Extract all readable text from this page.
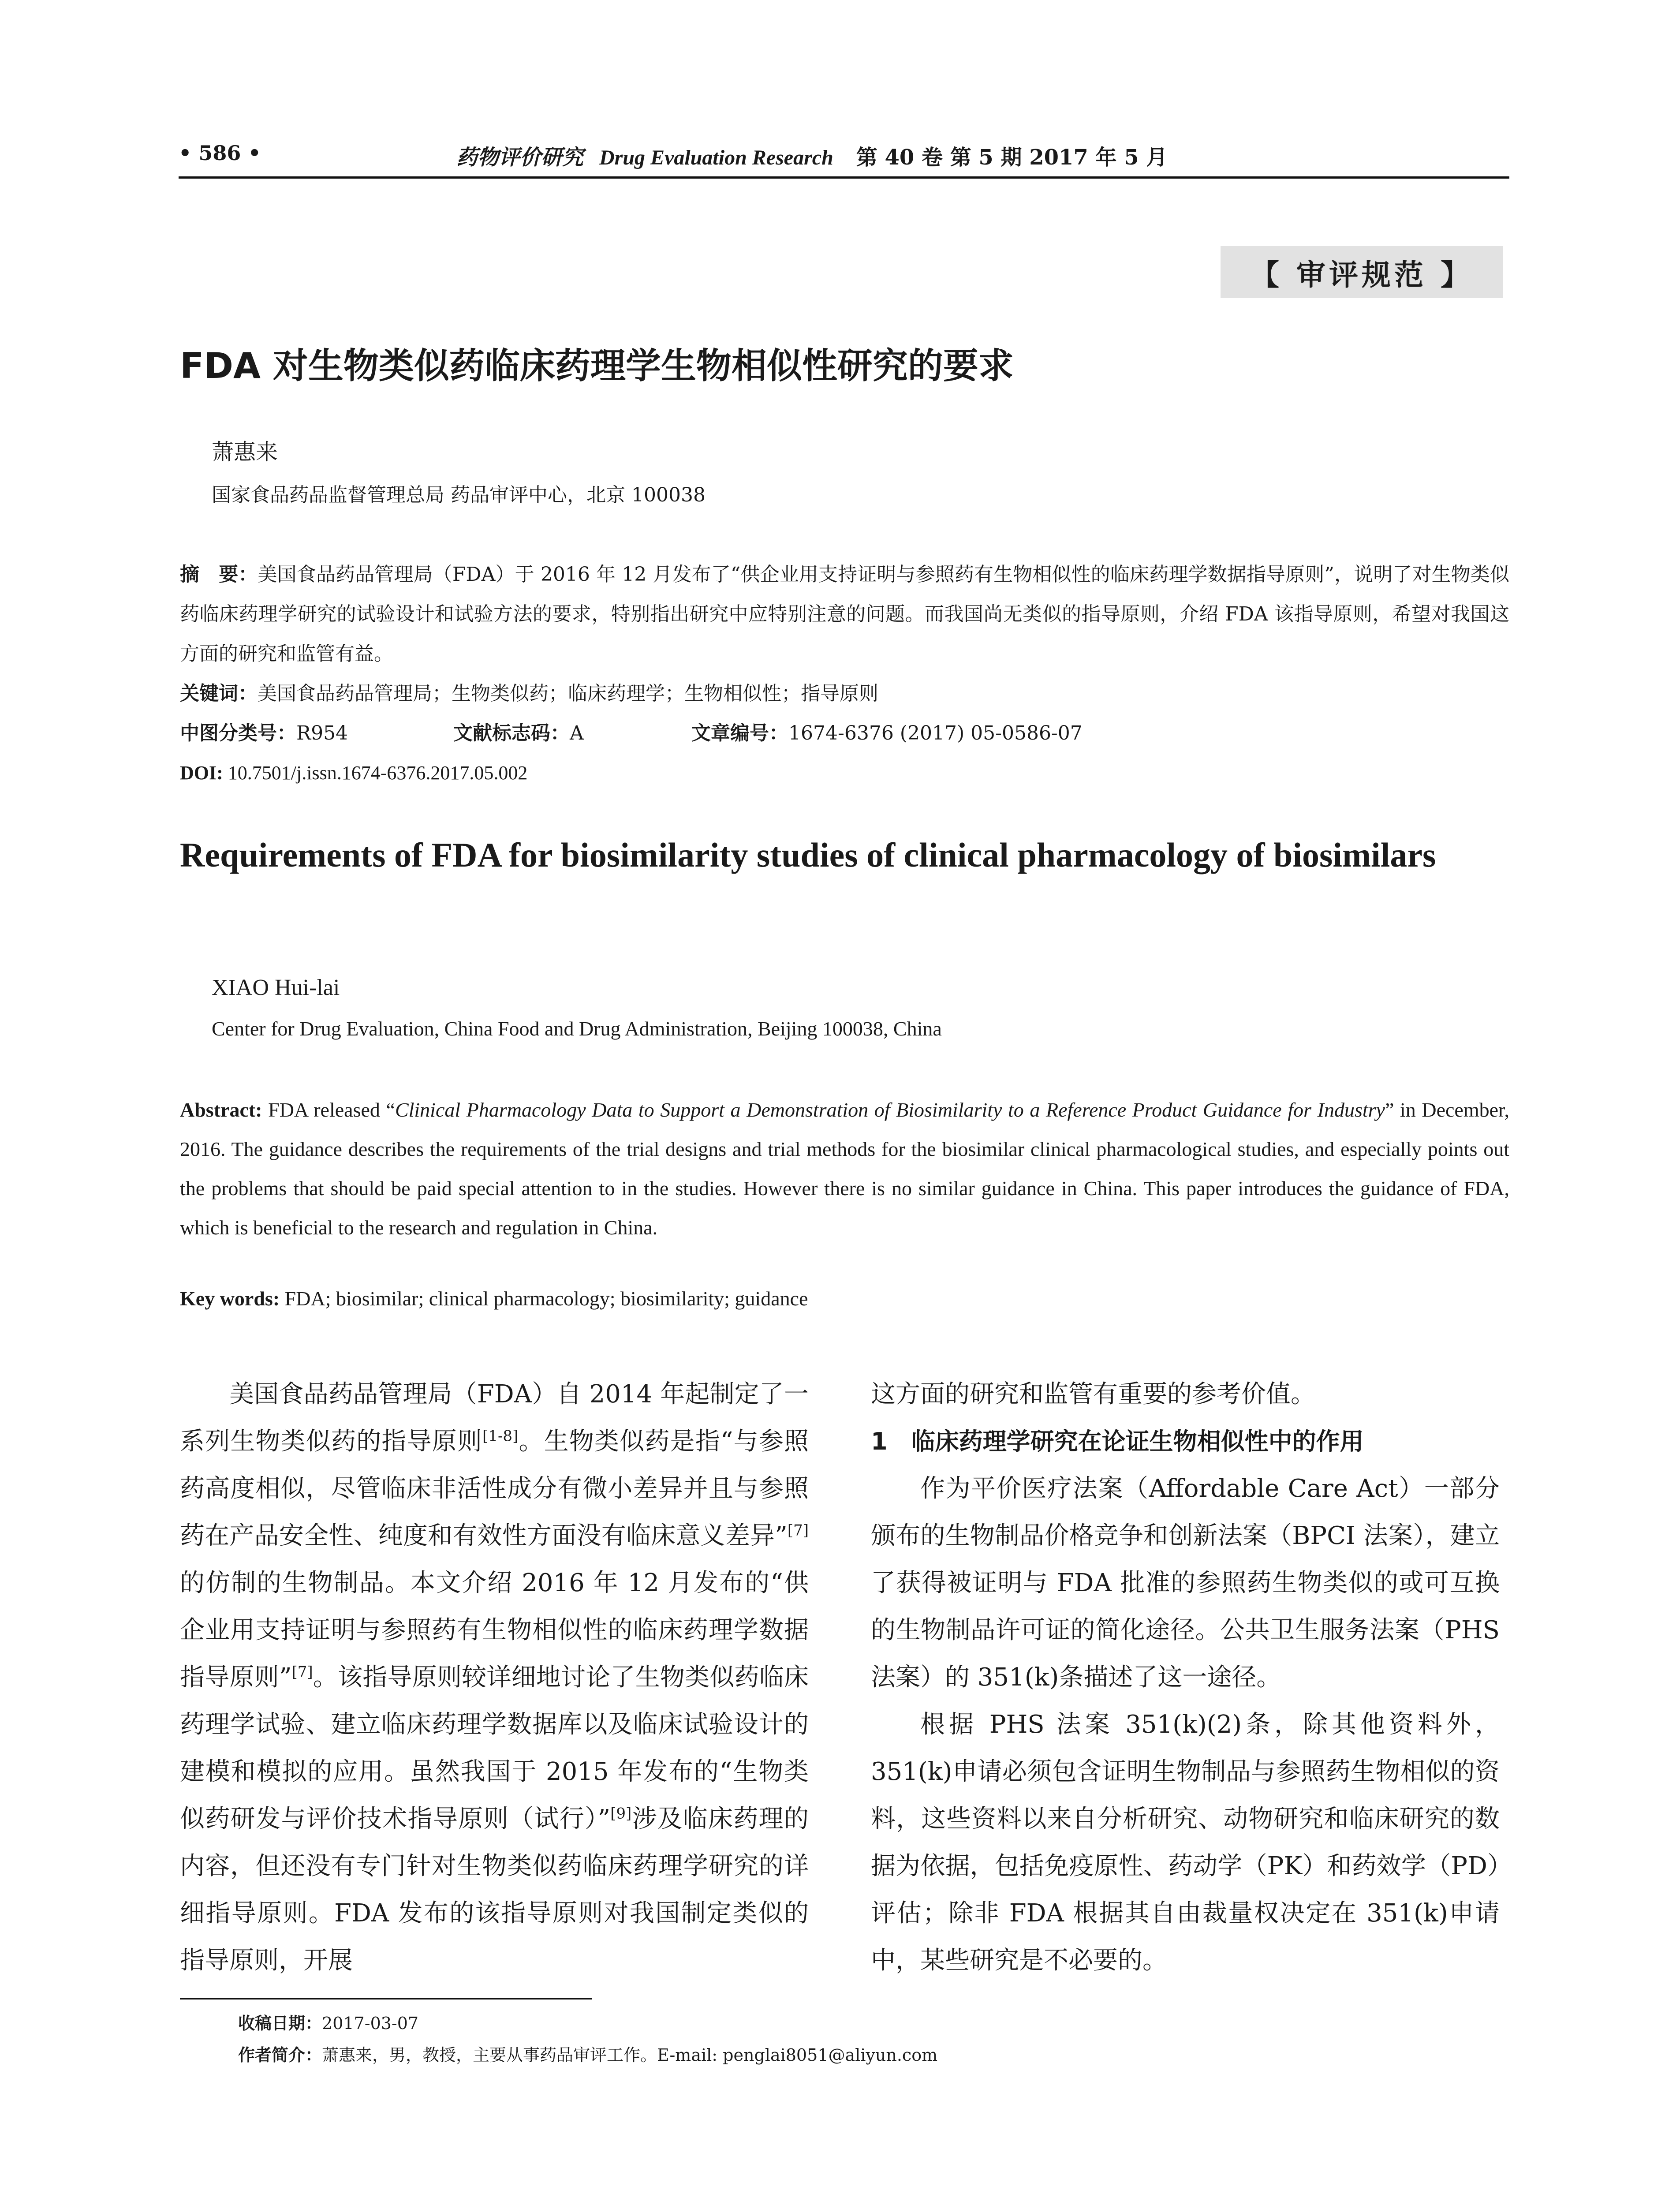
• 586 •	药物评价研究 Drug Evaluation Research 第 40 卷 第 5 期 2017 年 5 月
【 审评规范 】
FDA 对生物类似药临床药理学生物相似性研究的要求
萧惠来
国家食品药品监督管理总局 药品审评中心，北京 100038
摘　要：美国食品药品管理局（FDA）于 2016 年 12 月发布了“供企业用支持证明与参照药有生物相似性的临床药理学数据指导原则”，说明了对生物类似药临床药理学研究的试验设计和试验方法的要求，特别指出研究中应特别注意的问题。而我国尚无类似的指导原则，介绍 FDA 该指导原则，希望对我国这方面的研究和监管有益。
关键词：美国食品药品管理局；生物类似药；临床药理学；生物相似性；指导原则
中图分类号：R954	文献标志码：A	文章编号：1674-6376 (2017) 05-0586-07
DOI: 10.7501/j.issn.1674-6376.2017.05.002
Requirements of FDA for biosimilarity studies of clinical pharmacology of biosimilars
XIAO Hui-lai
Center for Drug Evaluation, China Food and Drug Administration, Beijing 100038, China
Abstract: FDA released “Clinical Pharmacology Data to Support a Demonstration of Biosimilarity to a Reference Product Guidance for Industry” in December, 2016. The guidance describes the requirements of the trial designs and trial methods for the biosimilar clinical pharmacological studies, and especially points out the problems that should be paid special attention to in the studies. However there is no similar guidance in China. This paper introduces the guidance of FDA, which is beneficial to the research and regulation in China.
Key words: FDA; biosimilar; clinical pharmacology; biosimilarity; guidance

美国食品药品管理局（FDA）自 2014 年起制定了一系列生物类似药的指导原则[1-8]。生物类似药是指“与参照药高度相似，尽管临床非活性成分有微小差异并且与参照药在产品安全性、纯度和有效性方面没有临床意义差异”[7]的仿制的生物制品。本文介绍 2016 年 12 月发布的“供企业用支持证明与参照药有生物相似性的临床药理学数据指导原则”[7]。该指导原则较详细地讨论了生物类似药临床药理学试验、建立临床药理学数据库以及临床试验设计的建模和模拟的应用。虽然我国于 2015 年发布的“生物类似药研发与评价技术指导原则（试行）”[9]涉及临床药理的内容，但还没有专门针对生物类似药临床药理学研究的详细指导原则。FDA 发布的该指导原则对我国制定类似的指导原则，开展

这方面的研究和监管有重要的参考价值。

1　临床药理学研究在论证生物相似性中的作用

作为平价医疗法案（Affordable Care Act）一部分颁布的生物制品价格竞争和创新法案（BPCI 法案），建立了获得被证明与 FDA 批准的参照药生物类似的或可互换的生物制品许可证的简化途径。公共卫生服务法案（PHS 法案）的 351(k)条描述了这一途径。

根据 PHS 法案 351(k)(2)条，除其他资料外，351(k)申请必须包含证明生物制品与参照药生物相似的资料，这些资料以来自分析研究、动物研究和临床研究的数据为依据，包括免疫原性、药动学（PK）和药效学（PD）评估；除非 FDA 根据其自由裁量权决定在 351(k)申请中，某些研究是不必要的。

收稿日期：2017-03-07
作者简介：萧惠来，男，教授，主要从事药品审评工作。E-mail: penglai8051@aliyun.com
